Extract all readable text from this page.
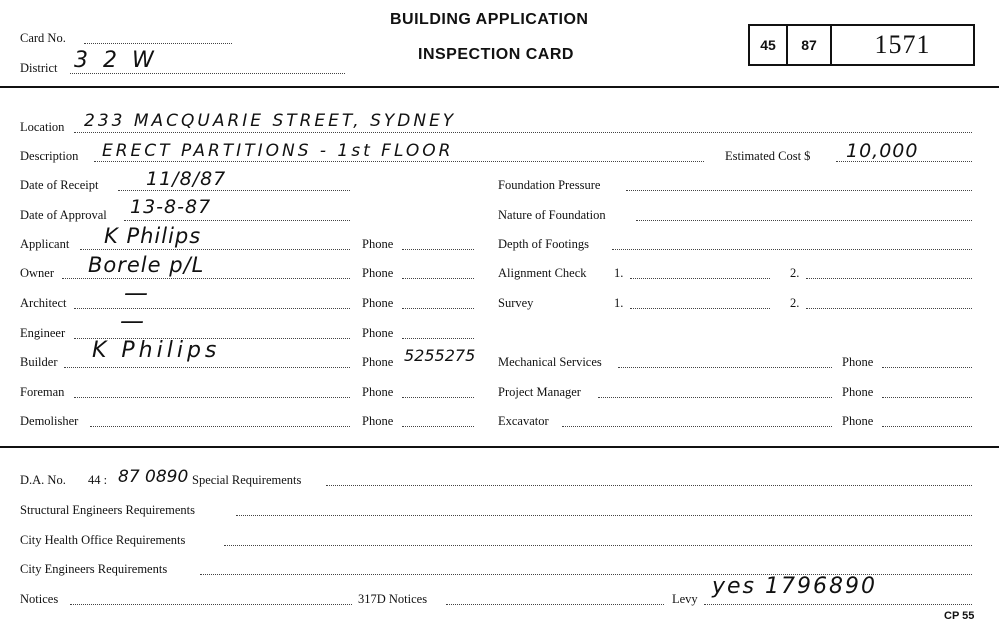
Card No.
District 3 2 W
BUILDING APPLICATION
INSPECTION CARD
45	87	1571
Location 233 MACQUARIE STREET, SYDNEY
Description ERECT PARTITIONS - 1st FLOOR	Estimated Cost $ 10,000
Date of Receipt	11/8/87	Foundation Pressure
Date of Approval 13-8-87	Nature of Foundation
Applicant K Philips	Phone	Depth of Footings
Owner Borele p/L	Phone	Alignment Check 1.	2.
Architect —	Phone	Survey	1.	2.
Engineer —	Phone
Builder K Philips	Phone 5255275 Mechanical Services	Phone
Foreman	Phone	Project Manager	Phone
Demolisher	Phone	Excavator	Phone
D.A. No. 44 : 87 0890 Special Requirements
Structural Engineers Requirements
City Health Office Requirements
City Engineers Requirements
Notices	317D Notices	Levy yes 1796890
CP 55
